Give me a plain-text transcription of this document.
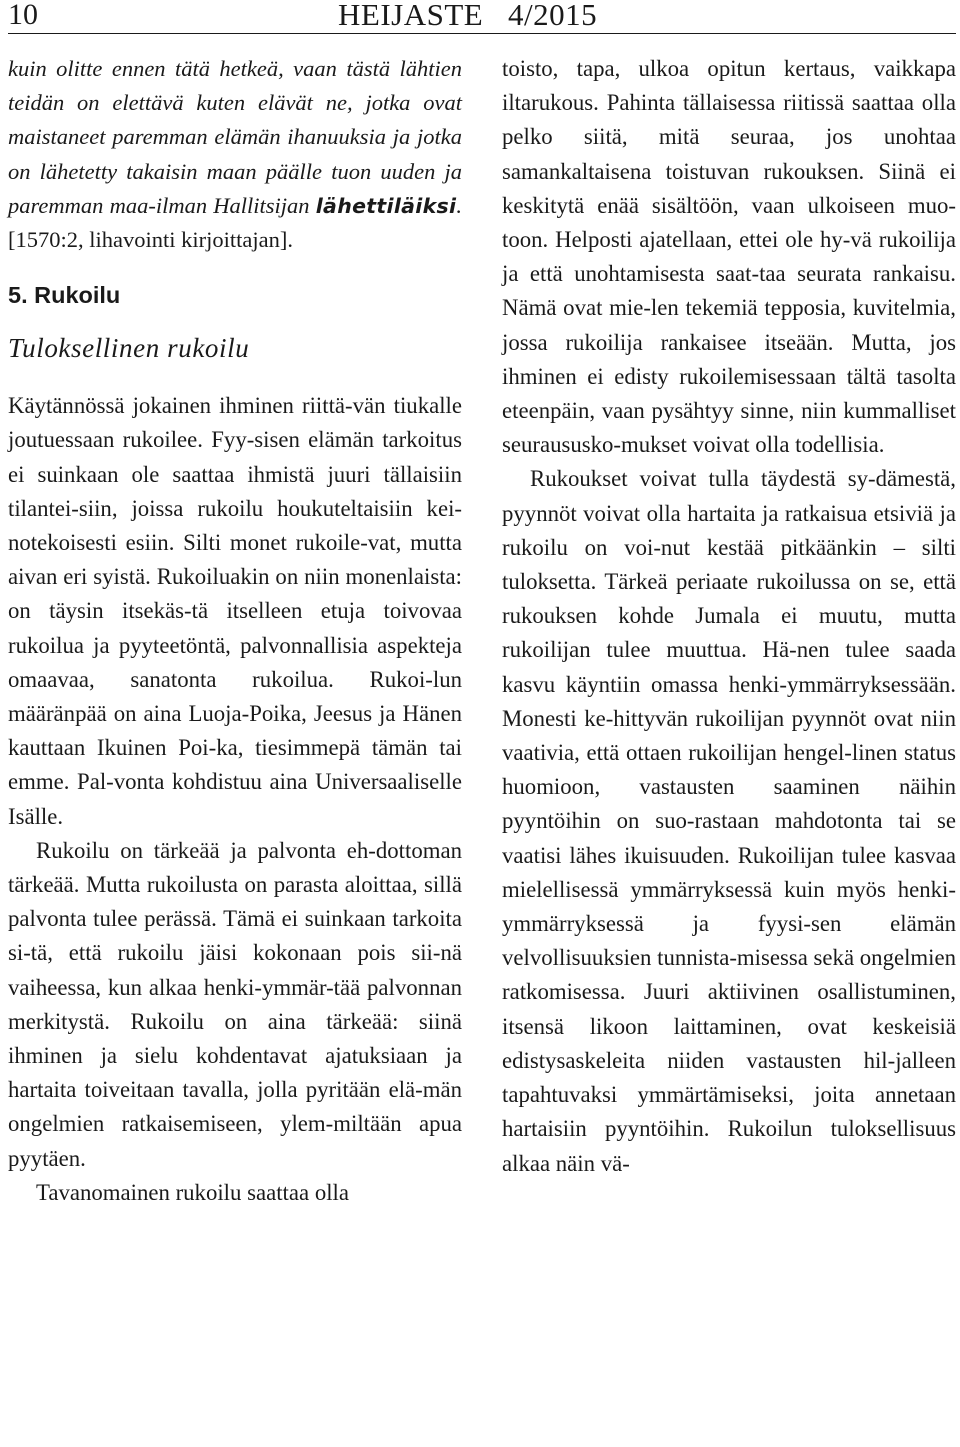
10	HEIJASTE 4/2015

kuin olitte ennen tätä hetkeä, vaan tästä lähtien teidän on elettävä kuten elävät ne, jotka ovat maistaneet paremman elämän ihanuuksia ja jotka on lähetetty takaisin maan päälle tuon uuden ja paremman maa-ilman Hallitsijan lähettiläiksi.[1570:2, lihavointi kirjoittajan].

5. Rukoilu
Tuloksellinen rukoilu

Käytännössä jokainen ihminen riittä-vän tiukalle joutuessaan rukoilee. Fyy-sisen elämän tarkoitus ei suinkaan ole saattaa ihmistä juuri tällaisiin tilantei-siin, joissa rukoilu houkuteltaisiin kei-notekoisesti esiin. Silti monet rukoile-vat, mutta aivan eri syistä. Rukoiluakin on niin monenlaista: on täysin itsekäs-tä itselleen etuja toivovaa rukoilua ja pyyteetöntä, palvonnallisia aspekteja omaavaa, sanatonta rukoilua. Rukoi-lun määränpää on aina Luoja-Poika, Jeesus ja Hänen kauttaan Ikuinen Poi-ka, tiesimmepä tämän tai emme. Pal-vonta kohdistuu aina Universaaliselle Isälle.

Rukoilu on tärkeää ja palvonta eh-dottoman tärkeää. Mutta rukoilusta on parasta aloittaa, sillä palvonta tulee perässä. Tämä ei suinkaan tarkoita si-tä, että rukoilu jäisi kokonaan pois sii-nä vaiheessa, kun alkaa henki-ymmär-tää palvonnan merkitystä. Rukoilu on aina tärkeää: siinä ihminen ja sielu kohdentavat ajatuksiaan ja hartaita toiveitaan tavalla, jolla pyritään elä-män ongelmien ratkaisemiseen, ylem-miltään apua pyytäen.

Tavanomainen rukoilu saattaa olla

toisto, tapa, ulkoa opitun kertaus, vaikkapa iltarukous. Pahinta tällaisessa riitissä saattaa olla pelko siitä, mitä seuraa, jos unohtaa samankaltaisena toistuvan rukouksen. Siinä ei keskitytä enää sisältöön, vaan ulkoiseen muo-toon. Helposti ajatellaan, ettei ole hy-vä rukoilija ja että unohtamisesta saat-taa seurata rankaisu. Nämä ovat mie-len tekemiä tepposia, kuvitelmia, jossa rukoilija rankaisee itseään. Mutta, jos ihminen ei edisty rukoilemisessaan tältä tasolta eteenpäin, vaan pysähtyy sinne, niin kummalliset seuraususko-mukset voivat olla todellisia.

Rukoukset voivat tulla täydestä sy-dämestä, pyynnöt voivat olla hartaita ja ratkaisua etsiviä ja rukoilu on voi-nut kestää pitkäänkin – silti tuloksetta. Tärkeä periaate rukoilussa on se, että rukouksen kohde Jumala ei muutu, mutta rukoilijan tulee muuttua. Hä-nen tulee saada kasvu käyntiin omassa henki-ymmärryksessään. Monesti ke-hittyvän rukoilijan pyynnöt ovat niin vaativia, että ottaen rukoilijan hengel-linen status huomioon, vastausten saaminen näihin pyyntöihin on suo-rastaan mahdotonta tai se vaatisi lähes ikuisuuden. Rukoilijan tulee kasvaa mielellisessä ymmärryksessä kuin myös henki-ymmärryksessä ja fyysi-sen elämän velvollisuuksien tunnista-misessa sekä ongelmien ratkomisessa. Juuri aktiivinen osallistuminen, itsensä likoon laittaminen, ovat keskeisiä edistysaskeleita niiden vastausten hil-jalleen tapahtuvaksi ymmärtämiseksi, joita annetaan hartaisiin pyyntöihin. Rukoilun tuloksellisuus alkaa näin vä-
